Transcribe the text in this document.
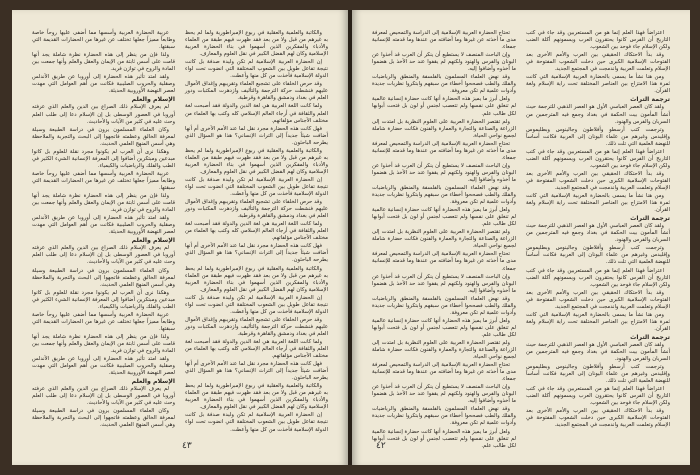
والكاتبة والعلمية والعقلية في ربوع الإمبراطورية ولما لم يحظ به غيرهم من قبل ولا من بعد فقد ظهرت فيهم طبقة من العلماء والأدباء والمفكرين الذين أسهموا في بناء الحضارة العربية الإسلامية وكان لهم الفضل الكبير في نقل العلوم والمعارف.

إن الحضارة العربية الإسلامية لم تكن وليدة صدفة بل كانت نتيجة تفاعل طويل بين الشعوب المختلفة التي انضوت تحت لواء الدولة الإسلامية فأخذت من كل منها وأعطت.

وقد حرص الخلفاء على تشجيع العلماء وتقريبهم وإغداق الأموال عليهم فنشطت حركة الترجمة والتأليف وازدهرت المكتبات ودور العلم في بغداد ودمشق والقاهرة وقرطبة.

ولما كانت اللغة العربية هي لغة الدين والدولة فقد أصبحت لغة العلم والثقافة في أرجاء العالم الإسلامي كله وكتب بها العلماء من مختلف الأجناس مؤلفاتهم.

فهل كانت هذه الحضارة مجرد نقل لما عند الأمم الأخرى أم أنها أضافت شيئاً جديداً إلى التراث الإنساني؟ هذا هو السؤال الذي يطرحه الباحثون.

والكاتبة والعلمية والعقلية في ربوع الإمبراطورية ولما لم يحظ به غيرهم من قبل ولا من بعد فقد ظهرت فيهم طبقة من العلماء والأدباء والمفكرين الذين أسهموا في بناء الحضارة العربية الإسلامية وكان لهم الفضل الكبير في نقل العلوم والمعارف.

إن الحضارة العربية الإسلامية لم تكن وليدة صدفة بل كانت نتيجة تفاعل طويل بين الشعوب المختلفة التي انضوت تحت لواء الدولة الإسلامية فأخذت من كل منها وأعطت.

وقد حرص الخلفاء على تشجيع العلماء وتقريبهم وإغداق الأموال عليهم فنشطت حركة الترجمة والتأليف وازدهرت المكتبات ودور العلم في بغداد ودمشق والقاهرة وقرطبة.

ولما كانت اللغة العربية هي لغة الدين والدولة فقد أصبحت لغة العلم والثقافة في أرجاء العالم الإسلامي كله وكتب بها العلماء من مختلف الأجناس مؤلفاتهم.

فهل كانت هذه الحضارة مجرد نقل لما عند الأمم الأخرى أم أنها أضافت شيئاً جديداً إلى التراث الإنساني؟ هذا هو السؤال الذي يطرحه الباحثون.

والكاتبة والعلمية والعقلية في ربوع الإمبراطورية ولما لم يحظ به غيرهم من قبل ولا من بعد فقد ظهرت فيهم طبقة من العلماء والأدباء والمفكرين الذين أسهموا في بناء الحضارة العربية الإسلامية وكان لهم الفضل الكبير في نقل العلوم والمعارف.

إن الحضارة العربية الإسلامية لم تكن وليدة صدفة بل كانت نتيجة تفاعل طويل بين الشعوب المختلفة التي انضوت تحت لواء الدولة الإسلامية فأخذت من كل منها وأعطت.

وقد حرص الخلفاء على تشجيع العلماء وتقريبهم وإغداق الأموال عليهم فنشطت حركة الترجمة والتأليف وازدهرت المكتبات ودور العلم في بغداد ودمشق والقاهرة وقرطبة.

ولما كانت اللغة العربية هي لغة الدين والدولة فقد أصبحت لغة العلم والثقافة في أرجاء العالم الإسلامي كله وكتب بها العلماء من مختلف الأجناس مؤلفاتهم.

فهل كانت هذه الحضارة مجرد نقل لما عند الأمم الأخرى أم أنها أضافت شيئاً جديداً إلى التراث الإنساني؟ هذا هو السؤال الذي يطرحه الباحثون.

والكاتبة والعلمية والعقلية في ربوع الإمبراطورية ولما لم يحظ به غيرهم من قبل ولا من بعد فقد ظهرت فيهم طبقة من العلماء والأدباء والمفكرين الذين أسهموا في بناء الحضارة العربية الإسلامية وكان لهم الفضل الكبير في نقل العلوم والمعارف.

إن الحضارة العربية الإسلامية لم تكن وليدة صدفة بل كانت نتيجة تفاعل طويل بين الشعوب المختلفة التي انضوت تحت لواء الدولة الإسلامية فأخذت من كل منها وأعطت.

عربية الحضارة العربية وأسسها مما أضفى عليها روحاً خاصة وطابعاً مميزاً جعلها تختلف عن غيرها من الحضارات القديمة التي سبقتها.

ولذا فإن من ينظر إلى هذه الحضارة نظرة شاملة يجد أنها قامت على أسس ثابتة من الإيمان والعقل والعلم وأنها جمعت بين المادة والروح في توازن فريد.

ولقد امتد تأثير هذه الحضارة إلى أوروبا عن طريق الأندلس وصقلية والحروب الصليبية فكانت من أهم العوامل التي مهدت لعصر النهضة الأوروبية الحديثة.

الإسلام والعلم

لم يعرف الإسلام ذلك الصراع بين الدين والعلم الذي عرفته أوروبا في العصور الوسطى بل إن الإسلام دعا إلى طلب العلم وحث عليه في كثير من الآيات والأحاديث.

وكان العلماء المسلمون يرون في دراسة الطبيعة وسيلة لمعرفة الخالق وعظمته فاتجهوا إلى البحث والتجربة والملاحظة وهي أسس المنهج العلمي الحديث.

وهكذا نرى أن العرب لم يكونوا مجرد نقلة للعلوم بل كانوا مبدعين ومبتكرين أضافوا إلى المعرفة الإنسانية الشيء الكثير في الطب والفلك والرياضيات والكيمياء.

عربية الحضارة العربية وأسسها مما أضفى عليها روحاً خاصة وطابعاً مميزاً جعلها تختلف عن غيرها من الحضارات القديمة التي سبقتها.

ولذا فإن من ينظر إلى هذه الحضارة نظرة شاملة يجد أنها قامت على أسس ثابتة من الإيمان والعقل والعلم وأنها جمعت بين المادة والروح في توازن فريد.

ولقد امتد تأثير هذه الحضارة إلى أوروبا عن طريق الأندلس وصقلية والحروب الصليبية فكانت من أهم العوامل التي مهدت لعصر النهضة الأوروبية الحديثة.

الإسلام والعلم

لم يعرف الإسلام ذلك الصراع بين الدين والعلم الذي عرفته أوروبا في العصور الوسطى بل إن الإسلام دعا إلى طلب العلم وحث عليه في كثير من الآيات والأحاديث.

وكان العلماء المسلمون يرون في دراسة الطبيعة وسيلة لمعرفة الخالق وعظمته فاتجهوا إلى البحث والتجربة والملاحظة وهي أسس المنهج العلمي الحديث.

وهكذا نرى أن العرب لم يكونوا مجرد نقلة للعلوم بل كانوا مبدعين ومبتكرين أضافوا إلى المعرفة الإنسانية الشيء الكثير في الطب والفلك والرياضيات والكيمياء.

عربية الحضارة العربية وأسسها مما أضفى عليها روحاً خاصة وطابعاً مميزاً جعلها تختلف عن غيرها من الحضارات القديمة التي سبقتها.

ولذا فإن من ينظر إلى هذه الحضارة نظرة شاملة يجد أنها قامت على أسس ثابتة من الإيمان والعقل والعلم وأنها جمعت بين المادة والروح في توازن فريد.

ولقد امتد تأثير هذه الحضارة إلى أوروبا عن طريق الأندلس وصقلية والحروب الصليبية فكانت من أهم العوامل التي مهدت لعصر النهضة الأوروبية الحديثة.

الإسلام والعلم

لم يعرف الإسلام ذلك الصراع بين الدين والعلم الذي عرفته أوروبا في العصور الوسطى بل إن الإسلام دعا إلى طلب العلم وحث عليه في كثير من الآيات والأحاديث.

وكان العلماء المسلمون يرون في دراسة الطبيعة وسيلة لمعرفة الخالق وعظمته فاتجهوا إلى البحث والتجربة والملاحظة وهي أسس المنهج العلمي الحديث.

٤٣

اعتراضاً فهذا العلم إنما هو من المستعربين وقد جاء في كتب التاريخ أن الفرس كانوا يحتقرون العرب ويسمونهم أكلة الضب ولكن الإسلام جاء فوحد بين الشعوب.

وقد بدأ الاحتكاك الحقيقي بين العرب والأمم الأخرى بعد الفتوحات الإسلامية الكبرى حين دخلت الشعوب المفتوحة في الإسلام وتعلمت العربية واندمجت في المجتمع الجديد.

ومن هنا نشأ ما يسمى بالحضارة العربية الإسلامية التي كانت ثمرة هذا الامتزاج بين العناصر المختلفة تحت راية الإسلام ولغة القرآن.

ترجمة التراث

ولقد كان العصر العباسي الأول هو العصر الذهبي للترجمة حيث أنشأ المأمون بيت الحكمة في بغداد وجمع فيه المترجمين من السريان والفرس والهنود.

وترجمت كتب أرسطو وأفلاطون وجالينوس وبطليموس وإقليدس وغيرهم من علماء اليونان إلى العربية فكانت أساساً للنهضة العلمية التي تلت ذلك.

اعتراضاً فهذا العلم إنما هو من المستعربين وقد جاء في كتب التاريخ أن الفرس كانوا يحتقرون العرب ويسمونهم أكلة الضب ولكن الإسلام جاء فوحد بين الشعوب.

وقد بدأ الاحتكاك الحقيقي بين العرب والأمم الأخرى بعد الفتوحات الإسلامية الكبرى حين دخلت الشعوب المفتوحة في الإسلام وتعلمت العربية واندمجت في المجتمع الجديد.

ومن هنا نشأ ما يسمى بالحضارة العربية الإسلامية التي كانت ثمرة هذا الامتزاج بين العناصر المختلفة تحت راية الإسلام ولغة القرآن.

ترجمة التراث

ولقد كان العصر العباسي الأول هو العصر الذهبي للترجمة حيث أنشأ المأمون بيت الحكمة في بغداد وجمع فيه المترجمين من السريان والفرس والهنود.

وترجمت كتب أرسطو وأفلاطون وجالينوس وبطليموس وإقليدس وغيرهم من علماء اليونان إلى العربية فكانت أساساً للنهضة العلمية التي تلت ذلك.

اعتراضاً فهذا العلم إنما هو من المستعربين وقد جاء في كتب التاريخ أن الفرس كانوا يحتقرون العرب ويسمونهم أكلة الضب ولكن الإسلام جاء فوحد بين الشعوب.

وقد بدأ الاحتكاك الحقيقي بين العرب والأمم الأخرى بعد الفتوحات الإسلامية الكبرى حين دخلت الشعوب المفتوحة في الإسلام وتعلمت العربية واندمجت في المجتمع الجديد.

ومن هنا نشأ ما يسمى بالحضارة العربية الإسلامية التي كانت ثمرة هذا الامتزاج بين العناصر المختلفة تحت راية الإسلام ولغة القرآن.

ترجمة التراث

ولقد كان العصر العباسي الأول هو العصر الذهبي للترجمة حيث أنشأ المأمون بيت الحكمة في بغداد وجمع فيه المترجمين من السريان والفرس والهنود.

وترجمت كتب أرسطو وأفلاطون وجالينوس وبطليموس وإقليدس وغيرهم من علماء اليونان إلى العربية فكانت أساساً للنهضة العلمية التي تلت ذلك.

اعتراضاً فهذا العلم إنما هو من المستعربين وقد جاء في كتب التاريخ أن الفرس كانوا يحتقرون العرب ويسمونهم أكلة الضب ولكن الإسلام جاء فوحد بين الشعوب.

وقد بدأ الاحتكاك الحقيقي بين العرب والأمم الأخرى بعد الفتوحات الإسلامية الكبرى حين دخلت الشعوب المفتوحة في الإسلام وتعلمت العربية واندمجت في المجتمع الجديد.

تحتاج الحضارة العربية الإسلامية إلى الدراسة والتمحيص لمعرفة مدى ما أخذته عن غيرها وما أضافته من عندها وما قدمته للإنسانية جمعاء.

وإن الباحث المنصف لا يستطيع أن ينكر أن العرب قد أخذوا عن اليونان والفرس والهنود ولكنهم لم يقفوا عند حد الأخذ بل هضموا ما أخذوه وأضافوا إليه.

وقد نهض العلماء المسلمون بالفلسفة والمنطق والرياضيات والفلك والطب فصححوا أخطاء من سبقهم وابتكروا نظريات جديدة وأدوات علمية لم تكن معروفة.

ولعل أبرز ما يميز هذه الحضارة أنها كانت حضارة إنسانية عالمية لم تنغلق على نفسها ولم تتعصب لجنس أو لون بل فتحت أبوابها لكل طالب علم.

ولم تقتصر الحضارة العربية على العلوم النظرية بل امتدت إلى الزراعة والصناعة والتجارة والعمارة والفنون فكانت حضارة شاملة لجميع نواحي الحياة.

تحتاج الحضارة العربية الإسلامية إلى الدراسة والتمحيص لمعرفة مدى ما أخذته عن غيرها وما أضافته من عندها وما قدمته للإنسانية جمعاء.

وإن الباحث المنصف لا يستطيع أن ينكر أن العرب قد أخذوا عن اليونان والفرس والهنود ولكنهم لم يقفوا عند حد الأخذ بل هضموا ما أخذوه وأضافوا إليه.

وقد نهض العلماء المسلمون بالفلسفة والمنطق والرياضيات والفلك والطب فصححوا أخطاء من سبقهم وابتكروا نظريات جديدة وأدوات علمية لم تكن معروفة.

ولعل أبرز ما يميز هذه الحضارة أنها كانت حضارة إنسانية عالمية لم تنغلق على نفسها ولم تتعصب لجنس أو لون بل فتحت أبوابها لكل طالب علم.

ولم تقتصر الحضارة العربية على العلوم النظرية بل امتدت إلى الزراعة والصناعة والتجارة والعمارة والفنون فكانت حضارة شاملة لجميع نواحي الحياة.

تحتاج الحضارة العربية الإسلامية إلى الدراسة والتمحيص لمعرفة مدى ما أخذته عن غيرها وما أضافته من عندها وما قدمته للإنسانية جمعاء.

وإن الباحث المنصف لا يستطيع أن ينكر أن العرب قد أخذوا عن اليونان والفرس والهنود ولكنهم لم يقفوا عند حد الأخذ بل هضموا ما أخذوه وأضافوا إليه.

وقد نهض العلماء المسلمون بالفلسفة والمنطق والرياضيات والفلك والطب فصححوا أخطاء من سبقهم وابتكروا نظريات جديدة وأدوات علمية لم تكن معروفة.

ولعل أبرز ما يميز هذه الحضارة أنها كانت حضارة إنسانية عالمية لم تنغلق على نفسها ولم تتعصب لجنس أو لون بل فتحت أبوابها لكل طالب علم.

ولم تقتصر الحضارة العربية على العلوم النظرية بل امتدت إلى الزراعة والصناعة والتجارة والعمارة والفنون فكانت حضارة شاملة لجميع نواحي الحياة.

تحتاج الحضارة العربية الإسلامية إلى الدراسة والتمحيص لمعرفة مدى ما أخذته عن غيرها وما أضافته من عندها وما قدمته للإنسانية جمعاء.

وإن الباحث المنصف لا يستطيع أن ينكر أن العرب قد أخذوا عن اليونان والفرس والهنود ولكنهم لم يقفوا عند حد الأخذ بل هضموا ما أخذوه وأضافوا إليه.

وقد نهض العلماء المسلمون بالفلسفة والمنطق والرياضيات والفلك والطب فصححوا أخطاء من سبقهم وابتكروا نظريات جديدة وأدوات علمية لم تكن معروفة.

ولعل أبرز ما يميز هذه الحضارة أنها كانت حضارة إنسانية عالمية لم تنغلق على نفسها ولم تتعصب لجنس أو لون بل فتحت أبوابها لكل طالب علم.

٤٢
